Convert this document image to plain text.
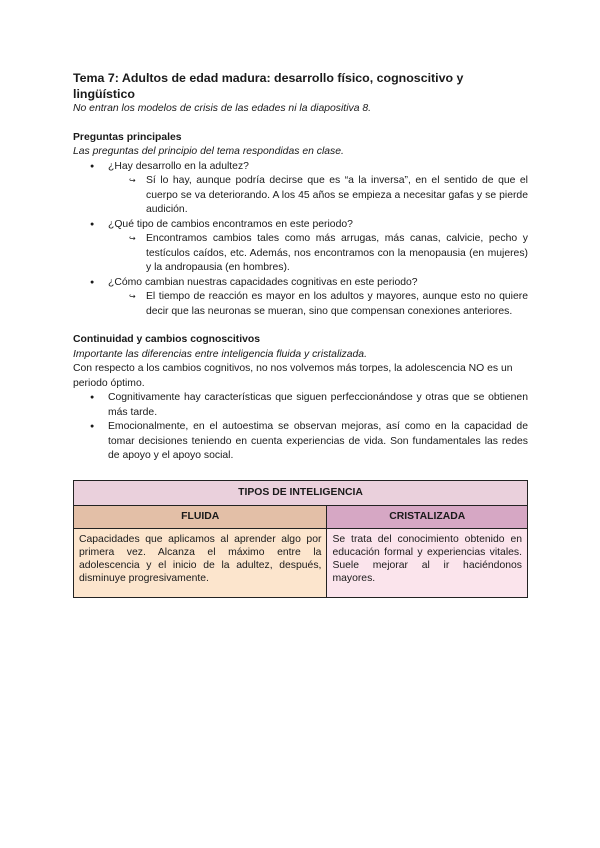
Tema 7: Adultos de edad madura: desarrollo físico, cognoscitivo y lingüístico
No entran los modelos de crisis de las edades ni la diapositiva 8.
Preguntas principales
Las preguntas del principio del tema respondidas en clase.
● ¿Hay desarrollo en la adultez?
↪ Sí lo hay, aunque podría decirse que es “a la inversa”, en el sentido de que el cuerpo se va deteriorando. A los 45 años se empieza a necesitar gafas y se pierde audición.
● ¿Qué tipo de cambios encontramos en este periodo?
↪ Encontramos cambios tales como más arrugas, más canas, calvicie, pecho y testículos caídos, etc. Además, nos encontramos con la menopausia (en mujeres) y la andropausia (en hombres).
● ¿Cómo cambian nuestras capacidades cognitivas en este periodo?
↪ El tiempo de reacción es mayor en los adultos y mayores, aunque esto no quiere decir que las neuronas se mueran, sino que compensan conexiones anteriores.
Continuidad y cambios cognoscitivos
Importante las diferencias entre inteligencia fluida y cristalizada.
Con respecto a los cambios cognitivos, no nos volvemos más torpes, la adolescencia NO es un periodo óptimo.
● Cognitivamente hay características que siguen perfeccionándose y otras que se obtienen más tarde.
● Emocionalmente, en el autoestima se observan mejoras, así como en la capacidad de tomar decisiones teniendo en cuenta experiencias de vida. Son fundamentales las redes de apoyo y el apoyo social.
TIPOS DE INTELIGENCIA	
FLUIDA	CRISTALIZADA
Capacidades que aplicamos al aprender algo por primera vez. Alcanza el máximo entre la adolescencia y el inicio de la adultez, después, disminuye progresivamente.	Se trata del conocimiento obtenido en educación formal y experiencias vitales. Suele mejorar al ir haciéndonos mayores.
